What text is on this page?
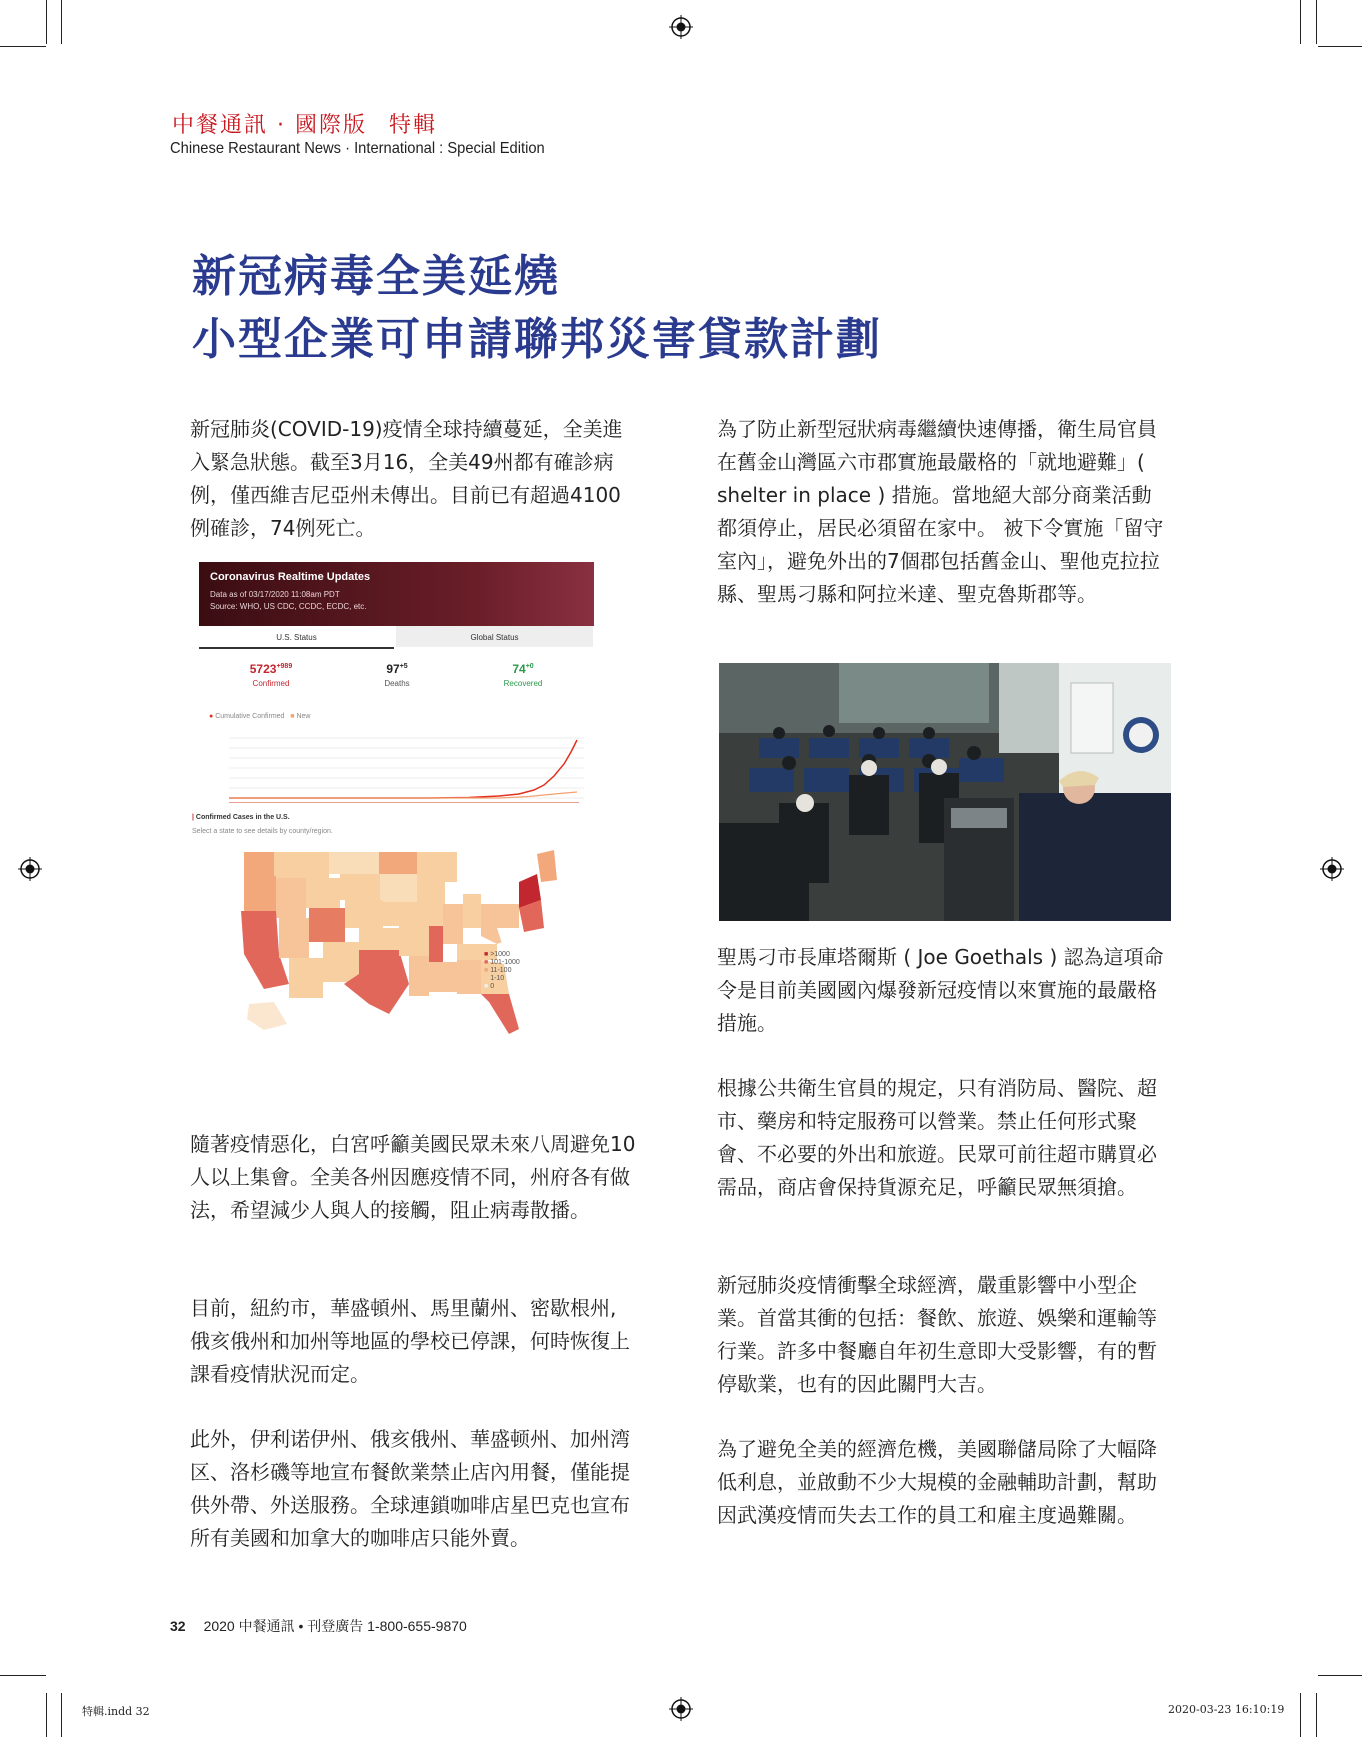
中餐通訊 · 國際版 特輯
Chinese Restaurant News · International : Special Edition
新冠病毒全美延燒
小型企業可申請聯邦災害貸款計劃

新冠肺炎(COVID-19)疫情全球持續蔓延，全美進入緊急狀態。截至3月16，全美49州都有確診病例，僅西維吉尼亞州未傳出。目前已有超過4100例確診，74例死亡。

Coronavirus Realtime Updates
Data as of 03/17/2020 11:08am PDT
Source: WHO, US CDC, CCDC, ECDC, etc.
U.S. Status	Global Status
$5723^{+989}$
Confirmed
$97^{+5}$
Deaths
$74^{+0}$
Recovered
● Cumulative Confirmed ■ New
| Confirmed Cases in the U.S.
Select a state to see details by county/region.
■ >1000
■ 101-1000
■ 11-100
■ 1-10
■ 0

隨著疫情惡化，白宮呼籲美國民眾未來八周避免10人以上集會。全美各州因應疫情不同，州府各有做法，希望減少人與人的接觸，阻止病毒散播。

目前，紐約市，華盛頓州、馬里蘭州、密歇根州, 俄亥俄州和加州等地區的學校已停課，何時恢復上課看疫情狀況而定。

此外，伊利诺伊州、俄亥俄州、華盛顿州、加州湾区、洛杉磯等地宣布餐飲業禁止店內用餐，僅能提供外帶、外送服務。全球連鎖咖啡店星巴克也宣布所有美國和加拿大的咖啡店只能外賣。

為了防止新型冠狀病毒繼續快速傳播，衛生局官員在舊金山灣區六市郡實施最嚴格的「就地避難」( shelter in place ) 措施。當地絕大部分商業活動都須停止，居民必須留在家中。 被下令實施「留守室內」，避免外出的7個郡包括舊金山、聖他克拉拉縣、聖馬刁縣和阿拉米達、聖克魯斯郡等。

聖馬刁市長庫塔爾斯 ( Joe Goethals ) 認為這項命令是目前美國國內爆發新冠疫情以來實施的最嚴格措施。

根據公共衛生官員的規定，只有消防局、醫院、超市、藥房和特定服務可以營業。禁止任何形式聚會、不必要的外出和旅遊。民眾可前往超市購買必需品，商店會保持貨源充足，呼籲民眾無須搶。

新冠肺炎疫情衝擊全球經濟，嚴重影響中小型企業。首當其衝的包括：餐飲、旅遊、娛樂和運輸等行業。許多中餐廳自年初生意即大受影響，有的暫停歇業，也有的因此關門大吉。

為了避免全美的經濟危機，美國聯儲局除了大幅降低利息，並啟動不少大規模的金融輔助計劃，幫助因武漢疫情而失去工作的員工和雇主度過難關。

32 2020 中餐通訊 • 刊登廣告 1-800-655-9870
特輯.indd 32	2020-03-23 16:10:19
